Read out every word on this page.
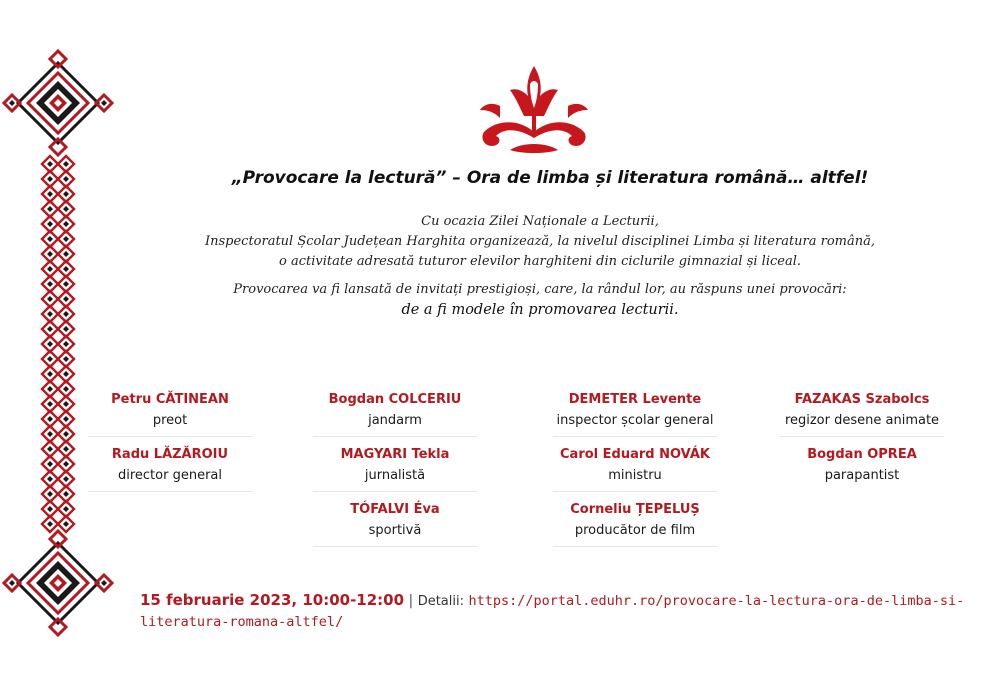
„Provocare la lectură” – Ora de limba și literatura română… altfel!

Cu ocazia Zilei Naționale a Lecturii,

Inspectoratul Școlar Județean Harghita organizează, la nivelul disciplinei Limba și literatura română,

o activitate adresată tuturor elevilor harghiteni din ciclurile gimnazial și liceal.

Provocarea va fi lansată de invitați prestigioși, care, la rândul lor, au răspuns unei provocări:

de a fi modele în promovarea lecturii.

Petru CĂTINEAN
preot
Bogdan COLCERIU
jandarm
DEMETER Levente
inspector școlar general
FAZAKAS Szabolcs
regizor desene animate
Radu LĂZĂROIU
director general
MAGYARI Tekla
jurnalistă
Carol Eduard NOVÁK
ministru
Bogdan OPREA
parapantist
TÓFALVI Éva
sportivă
Corneliu ȚEPELUȘ
producător de film
15 februarie 2023, 10:00-12:00 | Detalii: https://portal.eduhr.ro/provocare-la-lectura-ora-de-limba-si-literatura-romana-altfel/
